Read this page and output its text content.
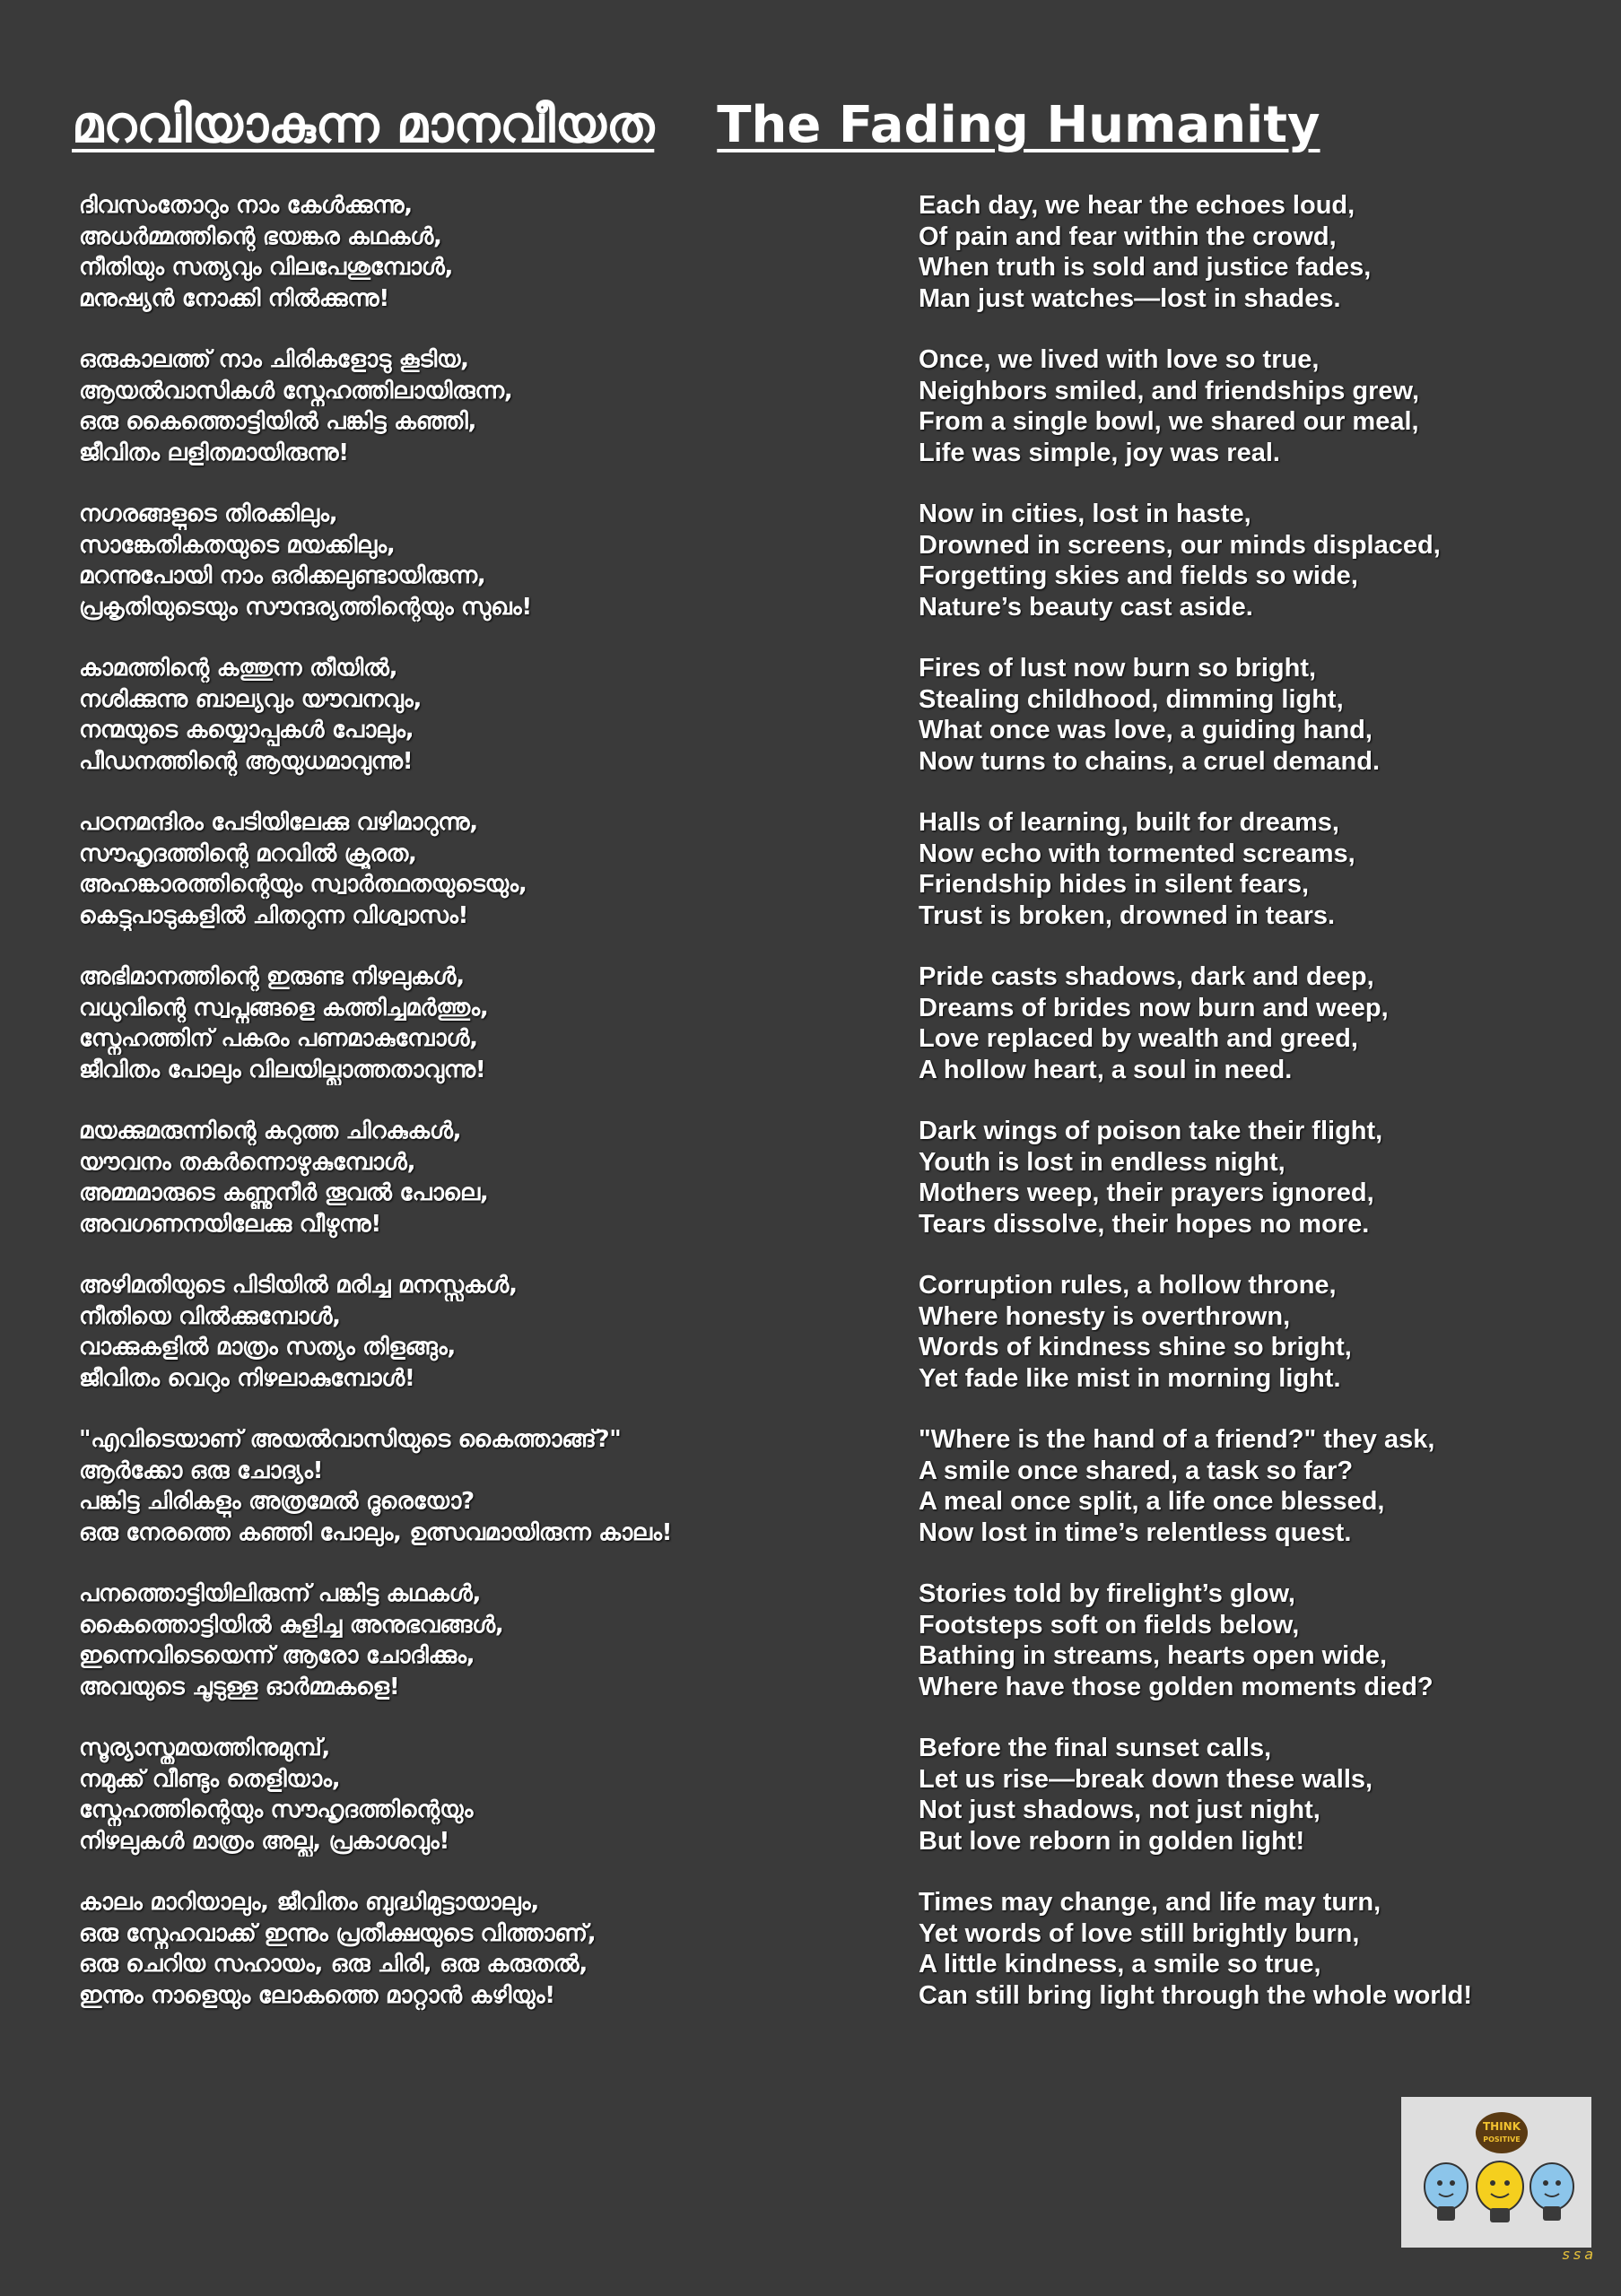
മറവിയാകുന്ന മാനവീയത The Fading Humanity
ദിവസംതോറും നാം കേൾക്കുന്നു,
അധർമ്മത്തിന്റെ ഭയങ്കര കഥകൾ,
നീതിയും സത്യവും വിലപേശുമ്പോൾ,
മനുഷ്യൻ നോക്കി നിൽക്കുന്നു!
ഒരുകാലത്ത് നാം ചിരികളോടു കൂടിയ,
ആയൽവാസികൾ സ്നേഹത്തിലായിരുന്ന,
ഒരു കൈത്തൊട്ടിയിൽ പങ്കിട്ട കഞ്ഞി,
ജീവിതം ലളിതമായിരുന്നു!
നഗരങ്ങളുടെ തിരക്കിലും,
സാങ്കേതികതയുടെ മയക്കിലും,
മറന്നുപോയി നാം ഒരിക്കലുണ്ടായിരുന്ന,
പ്രകൃതിയുടെയും സൗന്ദര്യത്തിന്റെയും സുഖം!
കാമത്തിന്റെ കത്തുന്ന തീയിൽ,
നശിക്കുന്നു ബാല്യവും യൗവനവും,
നന്മയുടെ കയ്യൊപ്പുകൾ പോലും,
പീഡനത്തിന്റെ ആയുധമാവുന്നു!
പഠനമന്ദിരം പേടിയിലേക്കു വഴിമാറുന്നു,
സൗഹൃദത്തിന്റെ മറവിൽ ക്രൂരത,
അഹങ്കാരത്തിന്റെയും സ്വാർത്ഥതയുടെയും,
കെട്ടുപാടുകളിൽ ചിതറുന്ന വിശ്വാസം!
അഭിമാനത്തിന്റെ ഇരുണ്ട നിഴലുകൾ,
വധുവിന്റെ സ്വപ്നങ്ങളെ കത്തിച്ചമർത്തും,
സ്നേഹത്തിന് പകരം പണമാകുമ്പോൾ,
ജീവിതം പോലും വിലയില്ലാത്തതാവുന്നു!
മയക്കുമരുന്നിന്റെ കറുത്ത ചിറകുകൾ,
യൗവനം തകർന്നൊഴുകുമ്പോൾ,
അമ്മമാരുടെ കണ്ണുനീർ തൂവൽ പോലെ,
അവഗണനയിലേക്കു വീഴുന്നു!
അഴിമതിയുടെ പിടിയിൽ മരിച്ച മനസ്സുകൾ,
നീതിയെ വിൽക്കുമ്പോൾ,
വാക്കുകളിൽ മാത്രം സത്യം തിളങ്ങും,
ജീവിതം വെറും നിഴലാകുമ്പോൾ!
"എവിടെയാണ് അയൽവാസിയുടെ കൈത്താങ്ങ്?"
ആർക്കോ ഒരു ചോദ്യം!
പങ്കിട്ട ചിരികളും അത്രമേൽ ദൂരെയോ?
ഒരു നേരത്തെ കഞ്ഞി പോലും, ഉത്സവമായിരുന്ന കാലം!
പനത്തൊട്ടിയിലിരുന്ന് പങ്കിട്ട കഥകൾ,
കൈത്തൊട്ടിയിൽ കുളിച്ച അനുഭവങ്ങൾ,
ഇന്നെവിടെയെന്ന് ആരോ ചോദിക്കും,
അവയുടെ ചൂടുള്ള ഓർമ്മകളെ!
സൂര്യാസ്തമയത്തിനുമുമ്പ്,
നമുക്ക് വീണ്ടും തെളിയാം,
സ്നേഹത്തിന്റെയും സൗഹൃദത്തിന്റെയും
നിഴലുകൾ മാത്രം അല്ല, പ്രകാശവും!
കാലം മാറിയാലും, ജീവിതം ബുദ്ധിമുട്ടായാലും,
ഒരു സ്നേഹവാക്ക് ഇന്നും പ്രതീക്ഷയുടെ വിത്താണ്,
ഒരു ചെറിയ സഹായം, ഒരു ചിരി, ഒരു കരുതൽ,
ഇന്നും നാളെയും ലോകത്തെ മാറ്റാൻ കഴിയും!
Each day, we hear the echoes loud,
Of pain and fear within the crowd,
When truth is sold and justice fades,
Man just watches—lost in shades.
Once, we lived with love so true,
Neighbors smiled, and friendships grew,
From a single bowl, we shared our meal,
Life was simple, joy was real.
Now in cities, lost in haste,
Drowned in screens, our minds displaced,
Forgetting skies and fields so wide,
Nature’s beauty cast aside.
Fires of lust now burn so bright,
Stealing childhood, dimming light,
What once was love, a guiding hand,
Now turns to chains, a cruel demand.
Halls of learning, built for dreams,
Now echo with tormented screams,
Friendship hides in silent fears,
Trust is broken, drowned in tears.
Pride casts shadows, dark and deep,
Dreams of brides now burn and weep,
Love replaced by wealth and greed,
A hollow heart, a soul in need.
Dark wings of poison take their flight,
Youth is lost in endless night,
Mothers weep, their prayers ignored,
Tears dissolve, their hopes no more.
Corruption rules, a hollow throne,
Where honesty is overthrown,
Words of kindness shine so bright,
Yet fade like mist in morning light.
"Where is the hand of a friend?" they ask,
A smile once shared, a task so far?
A meal once split, a life once blessed,
Now lost in time’s relentless quest.
Stories told by firelight’s glow,
Footsteps soft on fields below,
Bathing in streams, hearts open wide,
Where have those golden moments died?
Before the final sunset calls,
Let us rise—break down these walls,
Not just shadows, not just night,
But love reborn in golden light!
Times may change, and life may turn,
Yet words of love still brightly burn,
A little kindness, a smile so true,
Can still bring light through the whole world!
THINK
POSITIVE
ssa
